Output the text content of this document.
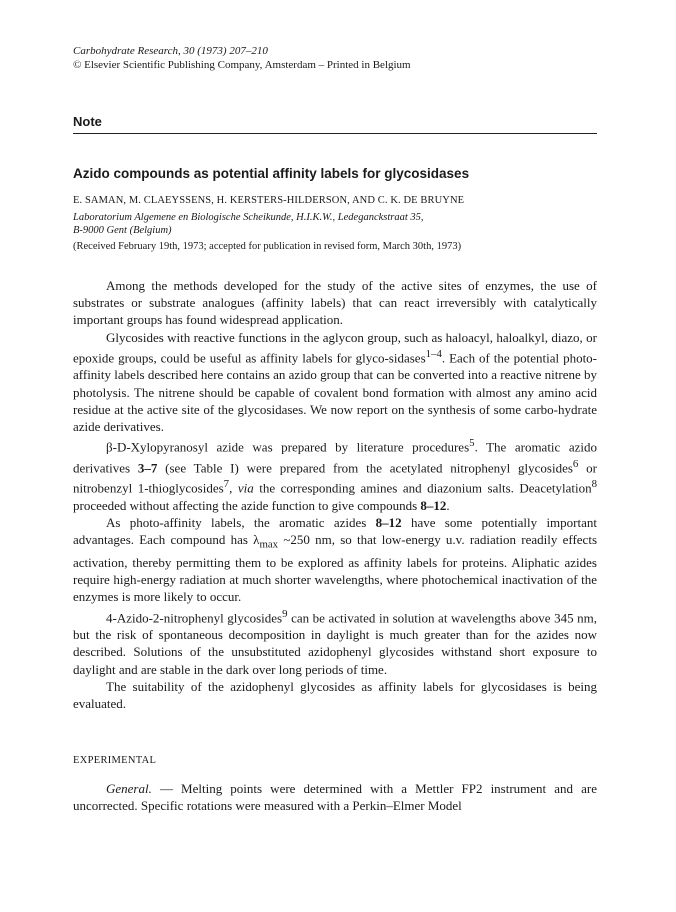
Carbohydrate Research, 30 (1973) 207–210
© Elsevier Scientific Publishing Company, Amsterdam – Printed in Belgium
Note
Azido compounds as potential affinity labels for glycosidases
E. SAMAN, M. CLAEYSSENS, H. KERSTERS-HILDERSON, AND C. K. DE BRUYNE
Laboratorium Algemene en Biologische Scheikunde, H.I.K.W., Ledeganckstraat 35,
B-9000 Gent (Belgium)
(Received February 19th, 1973; accepted for publication in revised form, March 30th, 1973)

Among the methods developed for the study of the active sites of enzymes, the use of substrates or substrate analogues (affinity labels) that can react irreversibly with catalytically important groups has found widespread application.

Glycosides with reactive functions in the aglycon group, such as haloacyl, haloalkyl, diazo, or epoxide groups, could be useful as affinity labels for glyco-sidases$^{1-4}$. Each of the potential photo-affinity labels described here contains an azido group that can be converted into a reactive nitrene by photolysis. The nitrene should be capable of covalent bond formation with almost any amino acid residue at the active site of the glycosidases. We now report on the synthesis of some carbo-hydrate azide derivatives.

β-D-Xylopyranosyl azide was prepared by literature procedures$^5$. The aromatic azido derivatives 3–7 (see Table I) were prepared from the acetylated nitrophenyl glycosides$^6$ or nitrobenzyl 1-thioglycosides$^7$, via the corresponding amines and diazonium salts. Deacetylation$^8$ proceeded without affecting the azide function to give compounds 8–12.

As photo-affinity labels, the aromatic azides 8–12 have some potentially important advantages. Each compound has $\lambda_{max}$ ~250 nm, so that low-energy u.v. radiation readily effects activation, thereby permitting them to be explored as affinity labels for proteins. Aliphatic azides require high-energy radiation at much shorter wavelengths, where photochemical inactivation of the enzymes is more likely to occur.

4-Azido-2-nitrophenyl glycosides$^9$ can be activated in solution at wavelengths above 345 nm, but the risk of spontaneous decomposition in daylight is much greater than for the azides now described. Solutions of the unsubstituted azidophenyl glycosides withstand short exposure to daylight and are stable in the dark over long periods of time.

The suitability of the azidophenyl glycosides as affinity labels for glycosidases is being evaluated.

EXPERIMENTAL

General. — Melting points were determined with a Mettler FP2 instrument and are uncorrected. Specific rotations were measured with a Perkin–Elmer Model
